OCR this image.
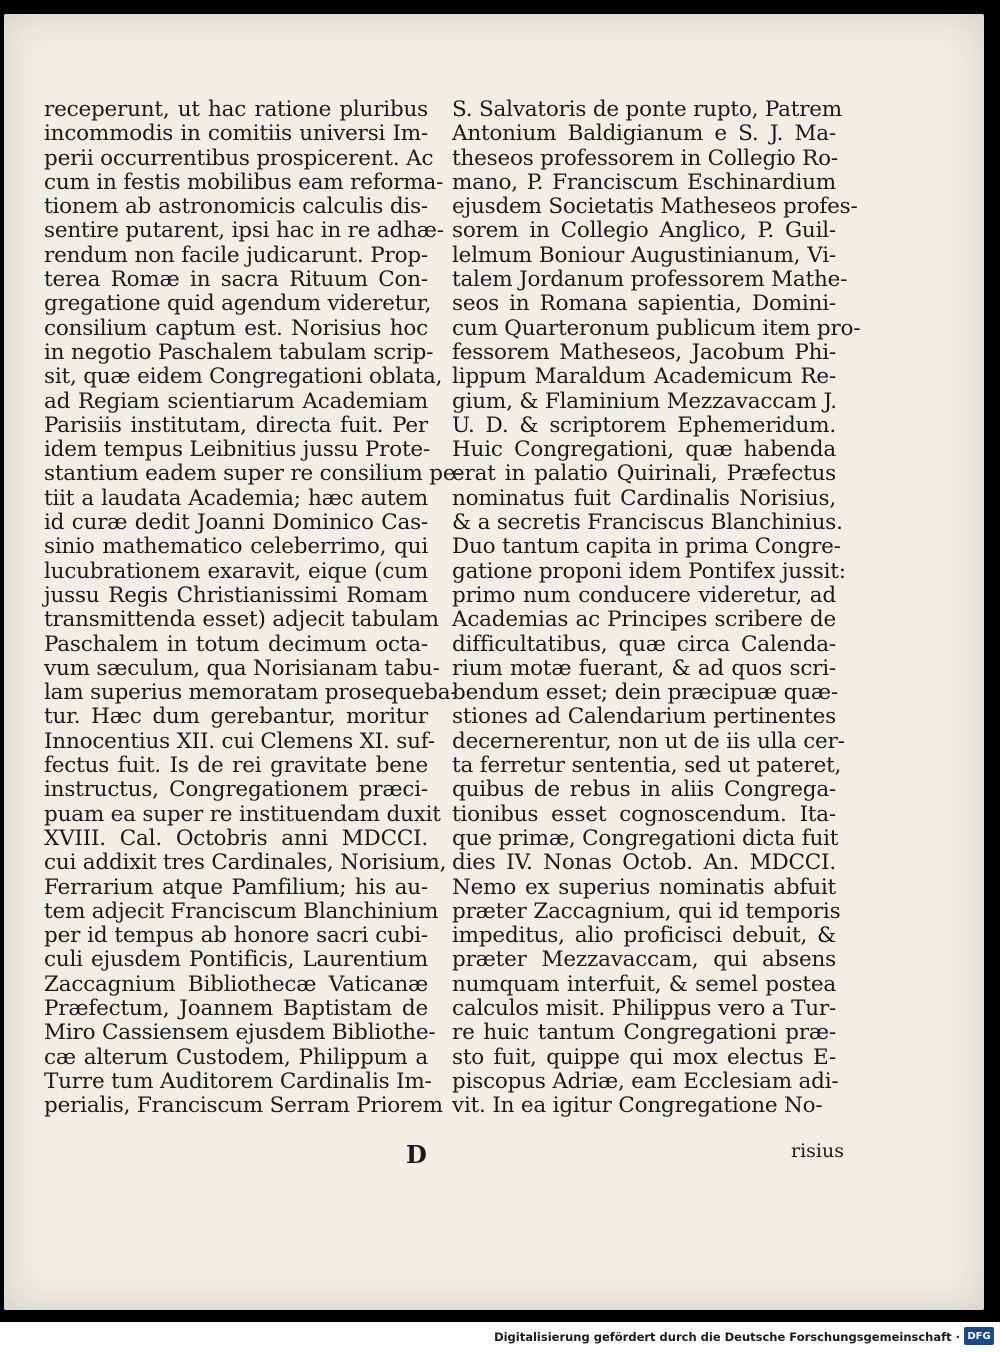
receperunt, ut hac ratione pluribus
incommodis in comitiis universi Im-
perii occurrentibus prospicerent. Ac
cum in festis mobilibus eam reforma-
tionem ab astronomicis calculis dis-
sentire putarent, ipsi hac in re adhæ-
rendum non facile judicarunt. Prop-
terea Romæ in sacra Rituum Con-
gregatione quid agendum videretur,
consilium captum est. Norisius hoc
in negotio Paschalem tabulam scrip-
sit, quæ eidem Congregationi oblata,
ad Regiam scientiarum Academiam
Parisiis institutam, directa fuit. Per
idem tempus Leibnitius jussu Prote-
stantium eadem super re consilium pe-
tiit a laudata Academia; hæc autem
id curæ dedit Joanni Dominico Cas-
sinio mathematico celeberrimo, qui
lucubrationem exaravit, eique (cum
jussu Regis Christianissimi Romam
transmittenda esset) adjecit tabulam
Paschalem in totum decimum octa-
vum sæculum, qua Norisianam tabu-
lam superius memoratam prosequeba-
tur. Hæc dum gerebantur, moritur
Innocentius XII. cui Clemens XI. suf-
fectus fuit. Is de rei gravitate bene
instructus, Congregationem præci-
puam ea super re instituendam duxit
XVIII. Cal. Octobris anni MDCCI.
cui addixit tres Cardinales, Norisium,
Ferrarium atque Pamfilium; his au-
tem adjecit Franciscum Blanchinium
per id tempus ab honore sacri cubi-
culi ejusdem Pontificis, Laurentium
Zaccagnium Bibliothecæ Vaticanæ
Præfectum, Joannem Baptistam de
Miro Cassiensem ejusdem Bibliothe-
cæ alterum Custodem, Philippum a
Turre tum Auditorem Cardinalis Im-
perialis, Franciscum Serram Priorem
S. Salvatoris de ponte rupto, Patrem
Antonium Baldigianum e S. J. Ma-
theseos professorem in Collegio Ro-
mano, P. Franciscum Eschinardium
ejusdem Societatis Matheseos profes-
sorem in Collegio Anglico, P. Guil-
lelmum Boniour Augustinianum, Vi-
talem Jordanum professorem Mathe-
seos in Romana sapientia, Domini-
cum Quarteronum publicum item pro-
fessorem Matheseos, Jacobum Phi-
lippum Maraldum Academicum Re-
gium, & Flaminium Mezzavaccam J.
U. D. & scriptorem Ephemeridum.
Huic Congregationi, quæ habenda
erat in palatio Quirinali, Præfectus
nominatus fuit Cardinalis Norisius,
& a secretis Franciscus Blanchinius.
Duo tantum capita in prima Congre-
gatione proponi idem Pontifex jussit:
primo num conducere videretur, ad
Academias ac Principes scribere de
difficultatibus, quæ circa Calenda-
rium motæ fuerant, & ad quos scri-
bendum esset; dein præcipuæ quæ-
stiones ad Calendarium pertinentes
decernerentur, non ut de iis ulla cer-
ta ferretur sententia, sed ut pateret,
quibus de rebus in aliis Congrega-
tionibus esset cognoscendum. Ita-
que primæ, Congregationi dicta fuit
dies IV. Nonas Octob. An. MDCCI.
Nemo ex superius nominatis abfuit
præter Zaccagnium, qui id temporis
impeditus, alio proficisci debuit, &
præter Mezzavaccam, qui absens
numquam interfuit, & semel postea
calculos misit. Philippus vero a Tur-
re huic tantum Congregationi præ-
sto fuit, quippe qui mox electus E-
piscopus Adriæ, eam Ecclesiam adi-
vit. In ea igitur Congregatione No-
D	risius
Digitalisierung gefördert durch die Deutsche Forschungsgemeinschaft · DFG
